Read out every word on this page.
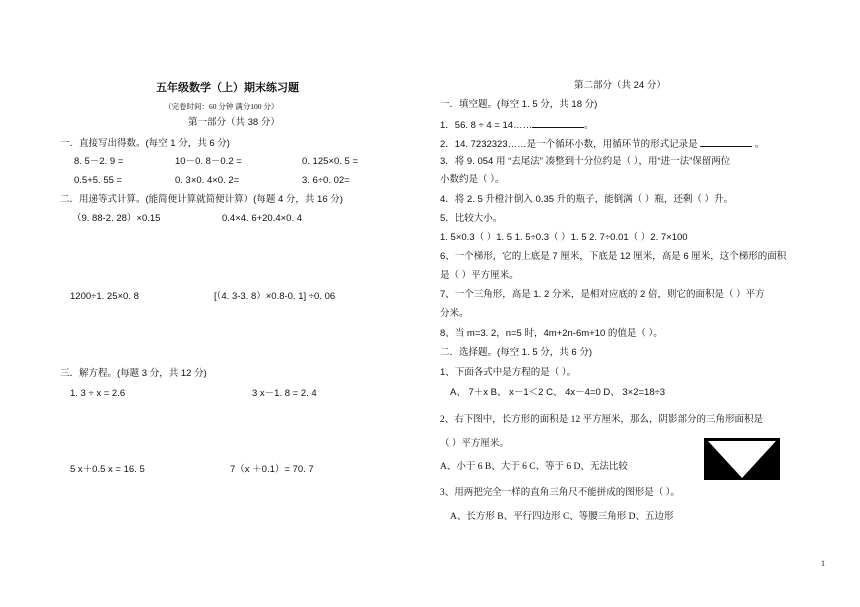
五年级数学（上）期末练习题
（完卷时间：60 分钟 满分100 分）
第一部分（共 38 分）
一．直接写出得数。(每空 1 分，共 6 分)
8. 5－2. 9 =	10－0. 8－0.2 =	0. 125×0. 5 =
0.5+5. 55 =	0. 3×0. 4×0. 2=	3. 6÷0. 02=
二．用递等式计算。(能简便计算就简便计算）(每题 4 分，共 16 分)
（9. 88-2. 28）×0.15	0.4×4. 6+20.4×0. 4
1200÷1. 25×0. 8	[（4. 3-3. 8）×0.8-0. 1] ÷0. 06
三．解方程。(每题 3 分，共 12 分)
1. 3 ÷ x = 2.6	3 x－1. 8 = 2. 4
5 x＋0.5 x = 16. 5	7（x ＋0.1）= 70. 7
第二部分（共 24 分）
一．填空题。(每空 1. 5 分，共 18 分)
1．56. 8 ÷ 4 = 14……	。
2．14. 7232323……是一个循环小数，用循环节的形式记录是	。
3．将 9. 054 用 “去尾法” 凑整到十分位约是（ ），用“进一法”保留两位
小数约是（ ）。
4．将 2. 5 升橙汁倒入 0.35 升的瓶子，能倒满（ ）瓶，还剩（ ）升。
5．比较大小。
1. 5×0.3（ ）1. 5 1. 5÷0.3（ ）1. 5 2. 7÷0.01（ ）2. 7×100
6、一个梯形，它的上底是 7 厘米，下底是 12 厘米，高是 6 厘米，这个梯形的面积
是（ ）平方厘米。
7、一个三角形，高是 1. 2 分米，是相对应底的 2 倍，则它的面积是（ ）平方
分米。
8、当 m=3. 2，n=5 时，4m+2n-6m+10 的值是（ ）。
二．选择题。(每空 1. 5 分，共 6 分)
1、下面各式中是方程的是（ ）。
A、 7＋x B、 x－1＜2 C、 4x－4=0 D、 3×2=18÷3
2、右下图中，长方形的面积是 12 平方厘米，那么，阴影部分的三角形面积是
（ ）平方厘米。
A、小于 6 B、大于 6 C、等于 6 D、无法比较
3、用两把完全一样的直角三角尺不能拼成的图形是（ ）。
A、长方形 B、平行四边形 C、等腰三角形 D、五边形
1
